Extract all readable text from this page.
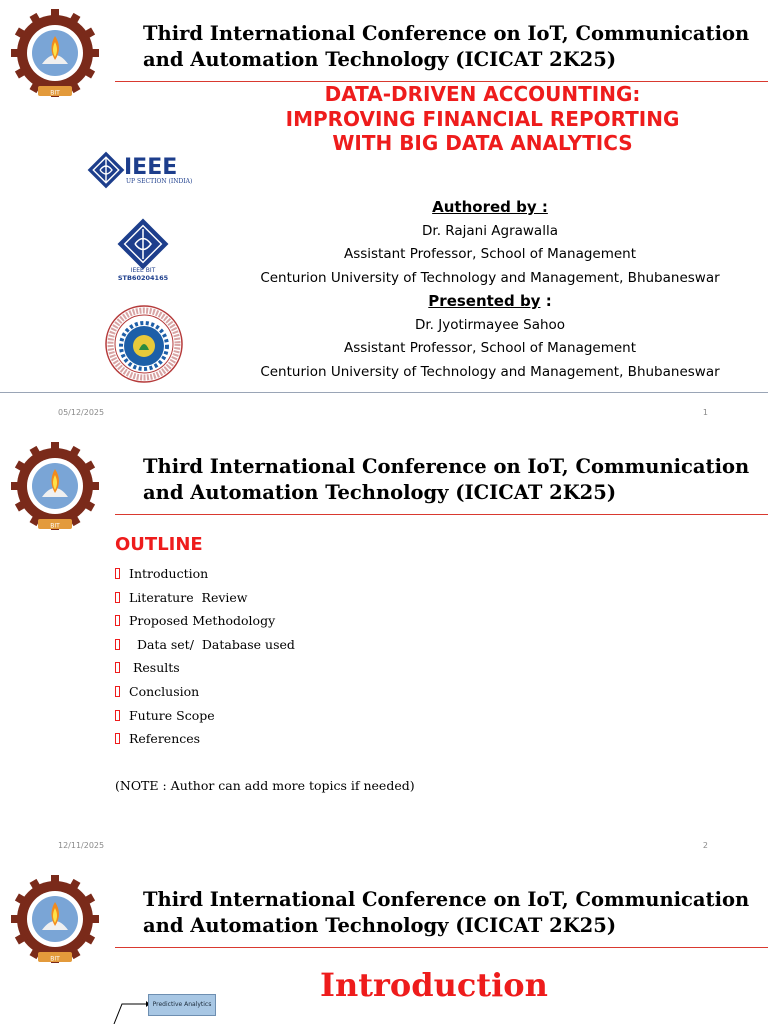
BIT
Third International Conference on IoT, Communication
and Automation Technology (ICICAT 2K25)
DATA-DRIVEN ACCOUNTING:
IMPROVING FINANCIAL REPORTING
WITH BIG DATA ANALYTICS
IEEE
UP SECTION (INDIA)
IEEE BIT
STB60204165
Authored by :
Dr. Rajani Agrawalla
Assistant Professor, School of Management
Centurion University of Technology and Management, Bhubaneswar
Presented by :
Dr. Jyotirmayee Sahoo
Assistant Professor, School of Management
Centurion University of Technology and Management, Bhubaneswar
05/12/2025	1
BIT
Third International Conference on IoT, Communication
and Automation Technology (ICICAT 2K25)
OUTLINE
Introduction
Literature  Review
Proposed Methodology
Data set/  Database used
Results
Conclusion
Future Scope
References
(NOTE : Author can add more topics if needed)
12/11/2025	2
BIT
Third International Conference on IoT, Communication
and Automation Technology (ICICAT 2K25)
Introduction
Predictive Analytics
